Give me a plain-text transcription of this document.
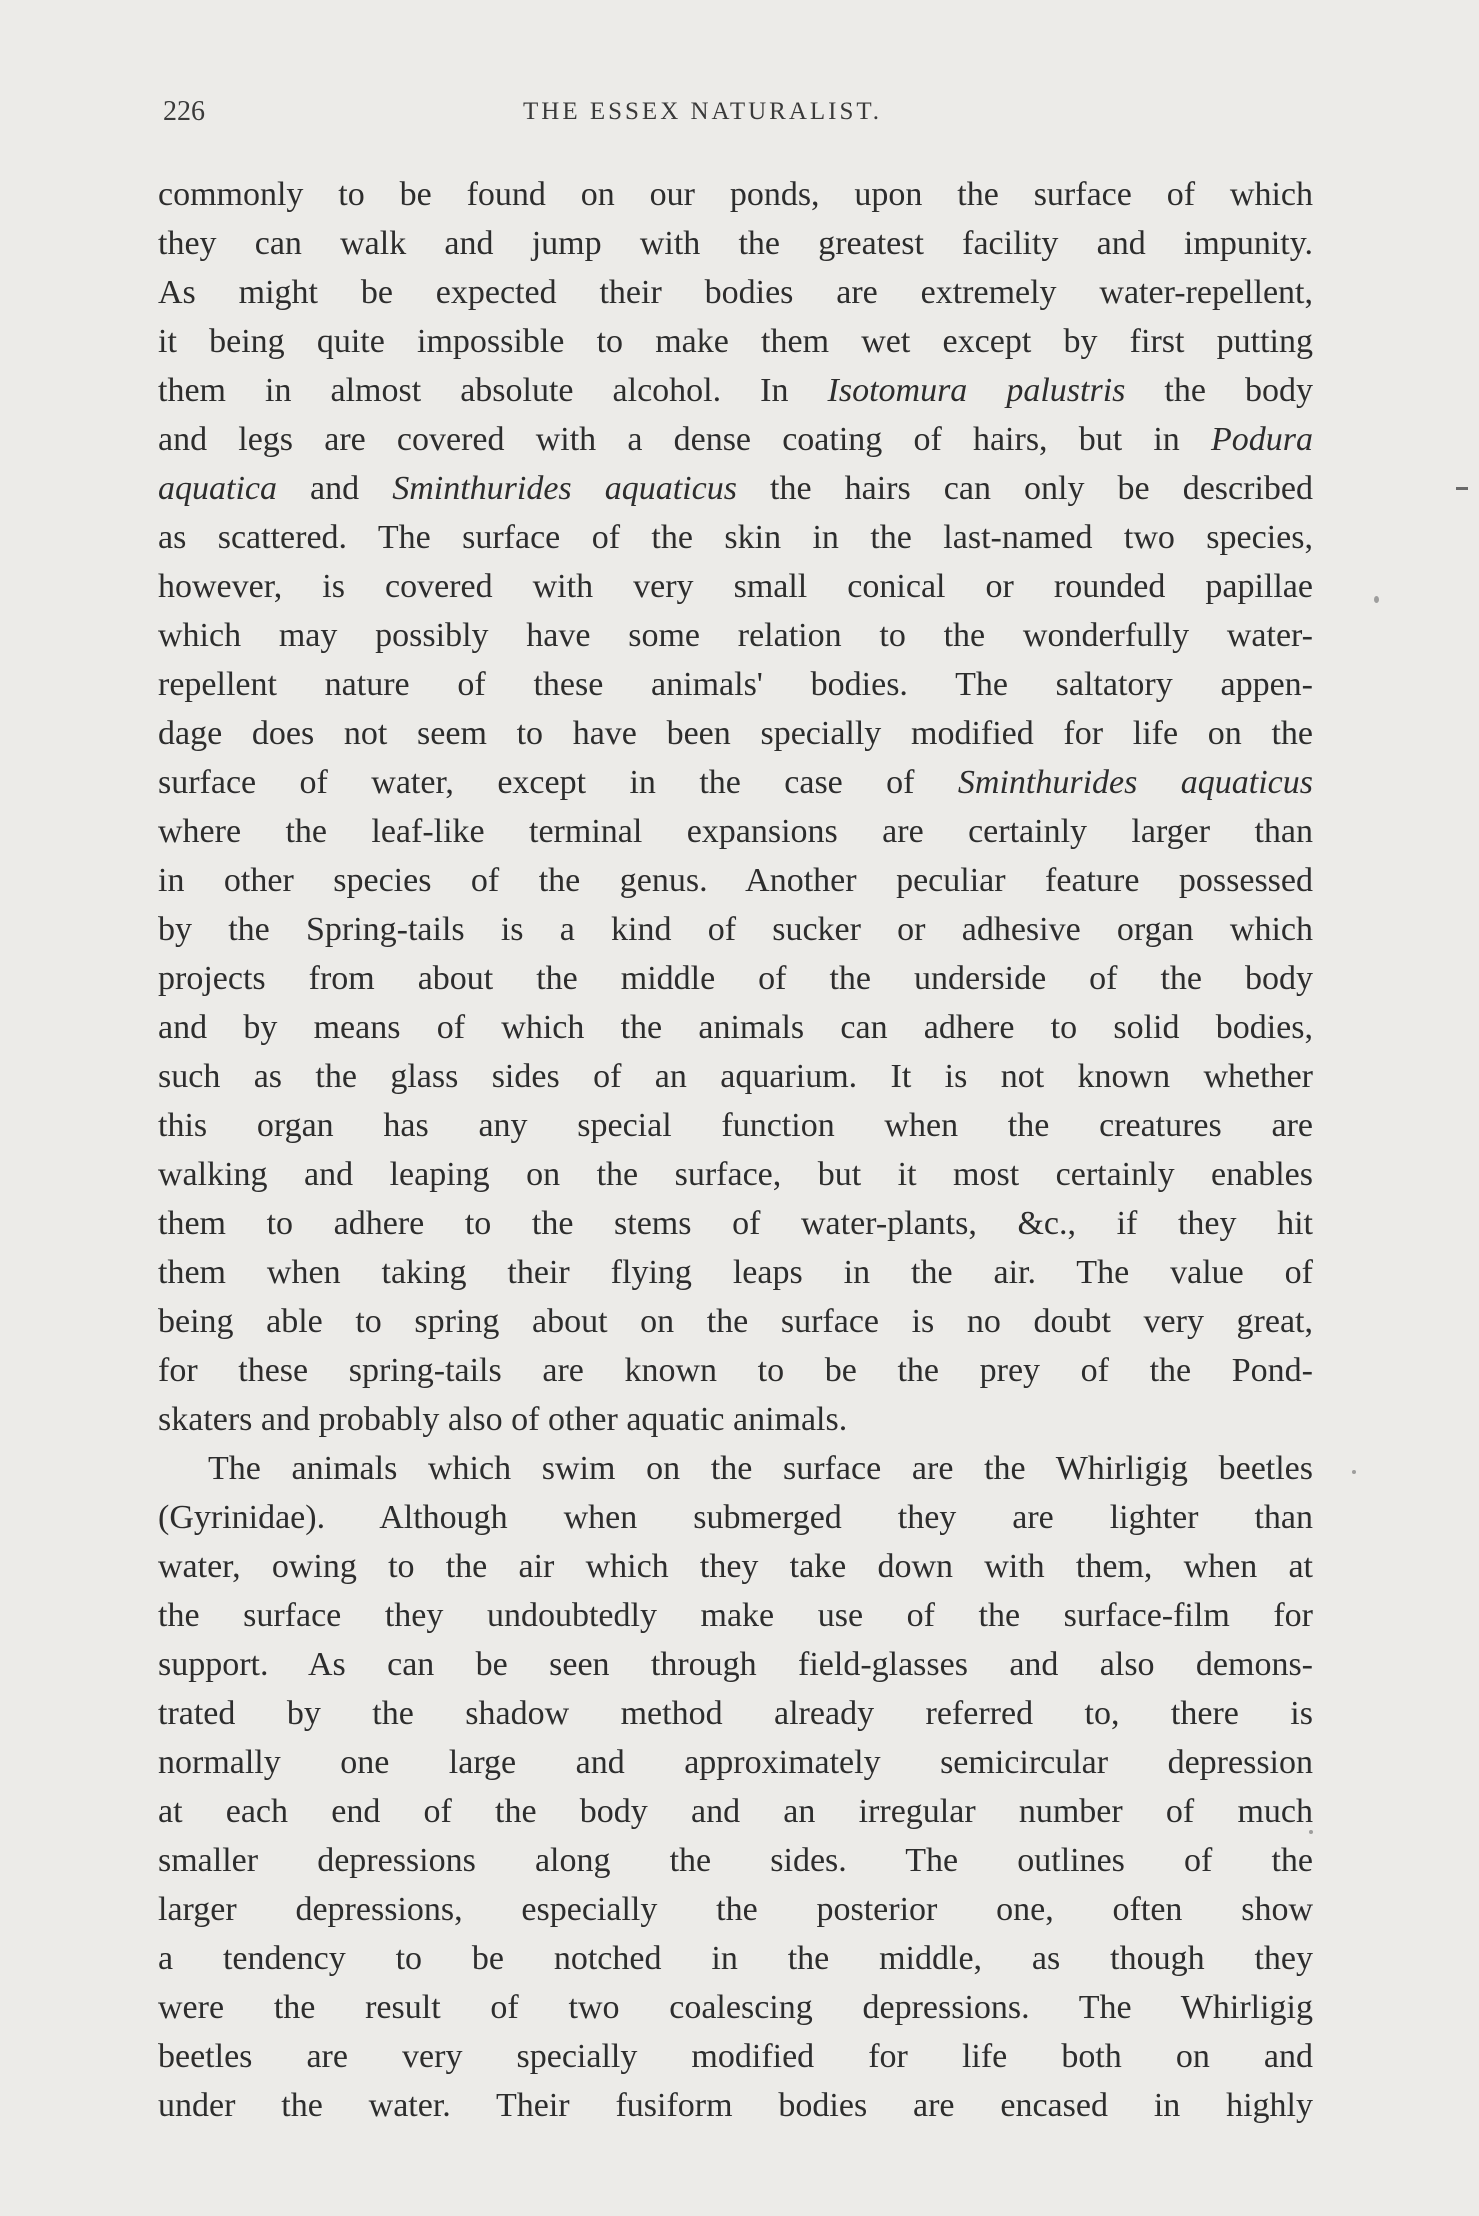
226	THE ESSEX NATURALIST.
commonly to be found on our ponds, upon the surface of which
they can walk and jump with the greatest facility and impunity.
As might be expected their bodies are extremely water-repellent,
it being quite impossible to make them wet except by first putting
them in almost absolute alcohol. In Isotomura palustris the body
and legs are covered with a dense coating of hairs, but in Podura
aquatica and Sminthurides aquaticus the hairs can only be described
as scattered. The surface of the skin in the last-named two species,
however, is covered with very small conical or rounded papillae
which may possibly have some relation to the wonderfully water-
repellent nature of these animals' bodies. The saltatory appen-
dage does not seem to have been specially modified for life on the
surface of water, except in the case of Sminthurides aquaticus
where the leaf-like terminal expansions are certainly larger than
in other species of the genus. Another peculiar feature possessed
by the Spring-tails is a kind of sucker or adhesive organ which
projects from about the middle of the underside of the body
and by means of which the animals can adhere to solid bodies,
such as the glass sides of an aquarium. It is not known whether
this organ has any special function when the creatures are
walking and leaping on the surface, but it most certainly enables
them to adhere to the stems of water-plants, &c., if they hit
them when taking their flying leaps in the air. The value of
being able to spring about on the surface is no doubt very great,
for these spring-tails are known to be the prey of the Pond-
skaters and probably also of other aquatic animals.
The animals which swim on the surface are the Whirligig beetles
(Gyrinidae). Although when submerged they are lighter than
water, owing to the air which they take down with them, when at
the surface they undoubtedly make use of the surface-film for
support. As can be seen through field-glasses and also demons-
trated by the shadow method already referred to, there is
normally one large and approximately semicircular depression
at each end of the body and an irregular number of much
smaller depressions along the sides. The outlines of the
larger depressions, especially the posterior one, often show
a tendency to be notched in the middle, as though they
were the result of two coalescing depressions. The Whirligig
beetles are very specially modified for life both on and
under the water. Their fusiform bodies are encased in highly
